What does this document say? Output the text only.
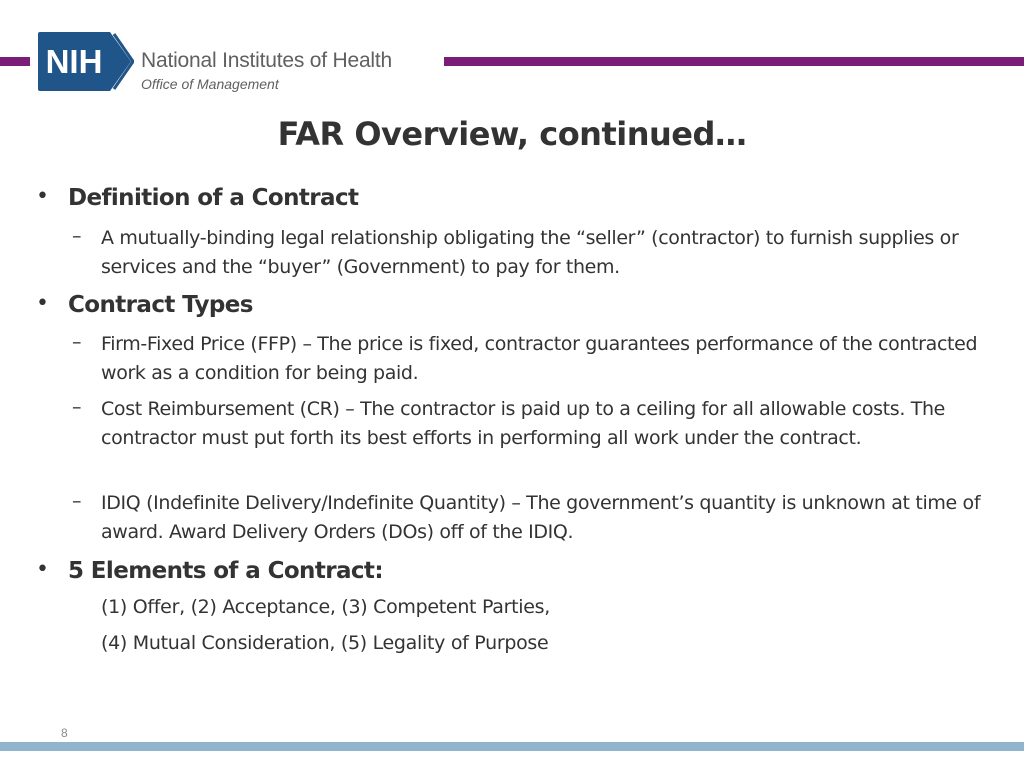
NIH National Institutes of Health
Office of Management
FAR Overview, continued…
• Definition of a Contract
– A mutually-binding legal relationship obligating the “seller” (contractor) to furnish supplies or services and the “buyer” (Government) to pay for them.
• Contract Types
– Firm-Fixed Price (FFP) – The price is fixed, contractor guarantees performance of the contracted work as a condition for being paid.
– Cost Reimbursement (CR) – The contractor is paid up to a ceiling for all allowable costs. The contractor must put forth its best efforts in performing all work under the contract.
– IDIQ (Indefinite Delivery/Indefinite Quantity) – The government’s quantity is unknown at time of award. Award Delivery Orders (DOs) off of the IDIQ.
• 5 Elements of a Contract:
(1) Offer, (2) Acceptance, (3) Competent Parties,
(4) Mutual Consideration, (5) Legality of Purpose
8
